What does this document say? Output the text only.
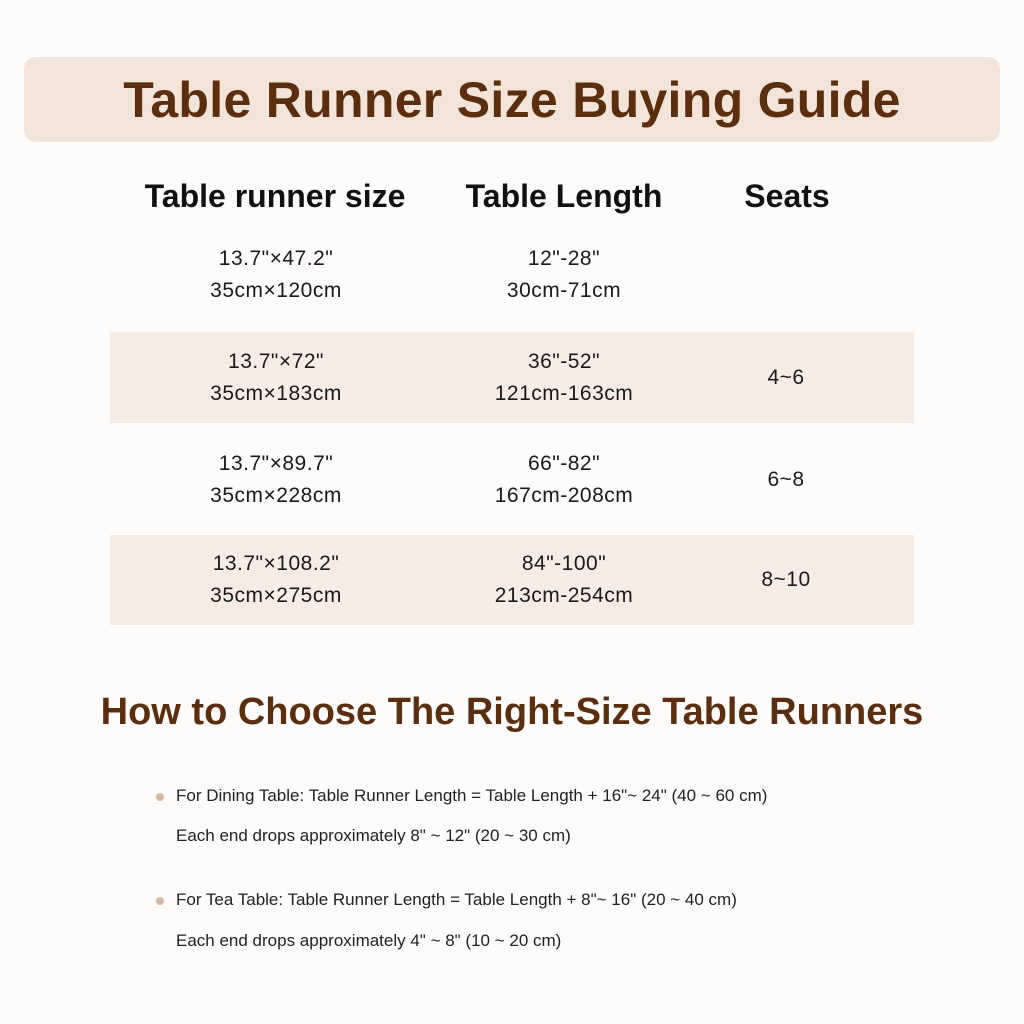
Table Runner Size Buying Guide
Table runner size Table Length	Seats
13.7"×47.2"
35cm×120cm
12"-28"
30cm-71cm
13.7"×72"
35cm×183cm
36"-52"
121cm-163cm
4~6
13.7"×89.7"
35cm×228cm
66"-82"
167cm-208cm
6~8
13.7"×108.2"
35cm×275cm
84"-100"
213cm-254cm
8~10
How to Choose The Right-Size Table Runners
For Dining Table: Table Runner Length = Table Length + 16"~ 24" (40 ~ 60 cm)
Each end drops approximately 8" ~ 12" (20 ~ 30 cm)
For Tea Table: Table Runner Length = Table Length + 8"~ 16" (20 ~ 40 cm)
Each end drops approximately 4" ~ 8" (10 ~ 20 cm)
